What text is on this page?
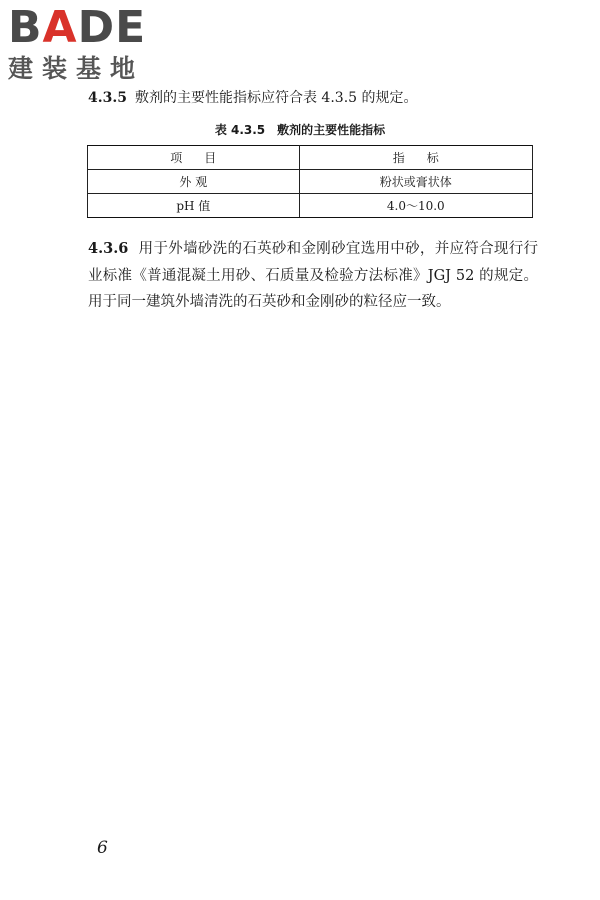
BADE
建装基地
4.3.5 敷剂的主要性能指标应符合表 4.3.5 的规定。
表 4.3.5 敷剂的主要性能指标
项目	指标
外 观	粉状或膏状体
pH 值	4.0～10.0
4.3.6 用于外墙砂洗的石英砂和金刚砂宜选用中砂，并应符合现行行业标准《普通混凝土用砂、石质量及检验方法标准》JGJ 52 的规定。用于同一建筑外墙清洗的石英砂和金刚砂的粒径应一致。
6
